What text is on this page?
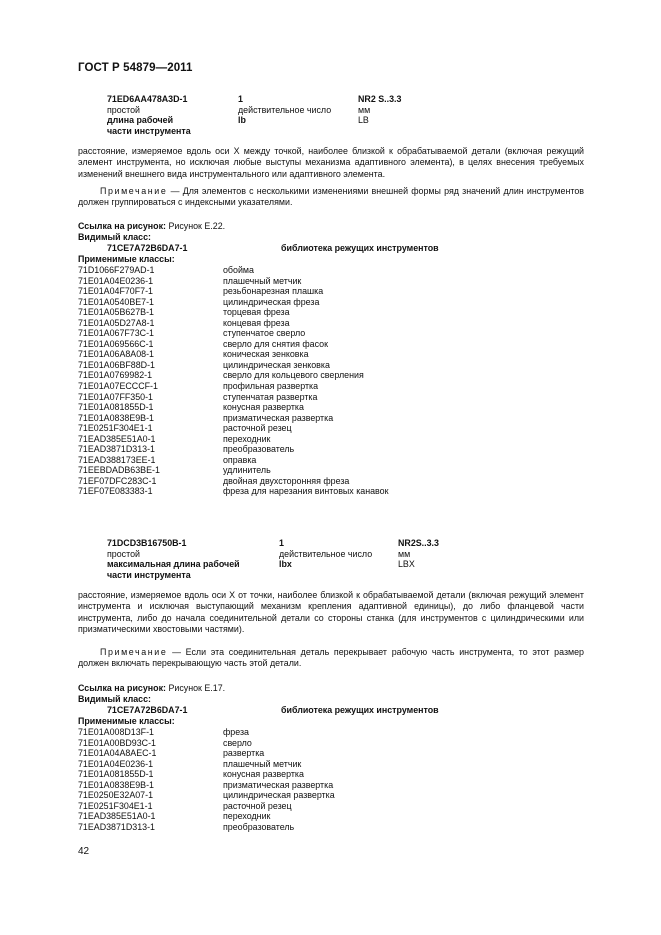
ГОСТ Р 54879—2011
71ED6AA478A3D-1	1	NR2 S..3.3
простой	действительное число	мм
длина рабочей	lb	LB
части инструмента
расстояние, измеряемое вдоль оси X между точкой, наиболее близкой к обрабатываемой детали (включая режущий элемент инструмента, но исключая любые выступы механизма адаптивного элемента), в целях внесения требуемых изменений внешнего вида инструментального или адаптивного элемента.
Примечание — Для элементов с несколькими изменениями внешней формы ряд значений длин инструментов должен группироваться с индексными указателями.
Ссылка на рисунок: Рисунок E.22.
Видимый класс:
71CE7A72B6DA7-1	библиотека режущих инструментов
Применимые классы:
71D1066F279AD-1	обойма
71E01A04E0236-1	плашечный метчик
71E01A04F70F7-1	резьбонарезная плашка
71E01A0540BE7-1	цилиндрическая фреза
71E01A05B627B-1	торцевая фреза
71E01A05D27A8-1	концевая фреза
71E01A067F73C-1	ступенчатое сверло
71E01A069566C-1	сверло для снятия фасок
71E01A06A8A08-1	коническая зенковка
71E01A06BF88D-1	цилиндрическая зенковка
71E01A0769982-1	сверло для кольцевого сверления
71E01A07ECCCF-1	профильная развертка
71E01A07FF350-1	ступенчатая развертка
71E01A081855D-1	конусная развертка
71E01A0838E9B-1	призматическая развертка
71E0251F304E1-1	расточной резец
71EAD385E51A0-1	переходник
71EAD3871D313-1	преобразователь
71EAD388173EE-1	оправка
71EEBDADB63BE-1	удлинитель
71EF07DFC283C-1	двойная двухсторонняя фреза
71EF07E083383-1	фреза для нарезания винтовых канавок
71DCD3B16750B-1	1	NR2S..3.3
простой	действительное число	мм
максимальная длина рабочей	lbx	LBX
части инструмента
расстояние, измеряемое вдоль оси X от точки, наиболее близкой к обрабатываемой детали (включая режущий элемент инструмента и исключая выступающий механизм крепления адаптивной единицы), до либо фланцевой части инструмента, либо до начала соединительной детали со стороны станка (для инструментов с цилиндрическими или призматическими хвостовыми частями).
Примечание — Если эта соединительная деталь перекрывает рабочую часть инструмента, то этот размер должен включать перекрывающую часть этой детали.
Ссылка на рисунок: Рисунок E.17.
Видимый класс:
71CE7A72B6DA7-1	библиотека режущих инструментов
Применимые классы:
71E01A008D13F-1	фреза
71E01A00BD93C-1	сверло
71E01A04A8AEC-1	развертка
71E01A04E0236-1	плашечный метчик
71E01A081855D-1	конусная развертка
71E01A0838E9B-1	призматическая развертка
71E0250E32A07-1	цилиндрическая развертка
71E0251F304E1-1	расточной резец
71EAD385E51A0-1	переходник
71EAD3871D313-1	преобразователь
42
